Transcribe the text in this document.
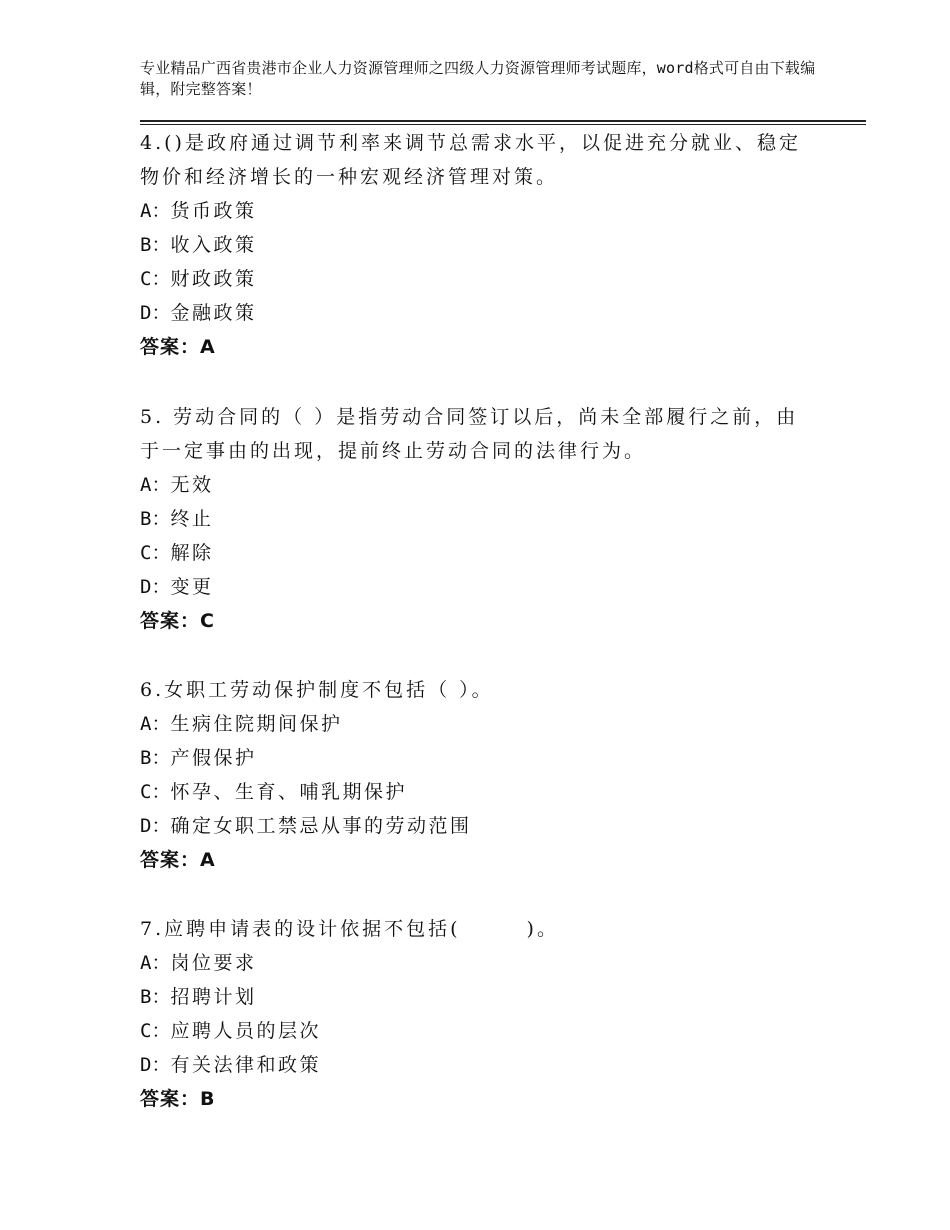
专业精品广西省贵港市企业人力资源管理师之四级人力资源管理师考试题库，word格式可自由下载编辑，附完整答案！

4.()是政府通过调节利率来调节总需求水平，以促进充分就业、稳定物价和经济增长的一种宏观经济管理对策。

A：货币政策

B：收入政策

C：财政政策

D：金融政策

答案：A

5. 劳动合同的（ ）是指劳动合同签订以后，尚未全部履行之前，由于一定事由的出现，提前终止劳动合同的法律行为。

A：无效

B：终止

C：解除

D：变更

答案：C

6.女职工劳动保护制度不包括（ ）。

A：生病住院期间保护

B：产假保护

C：怀孕、生育、哺乳期保护

D：确定女职工禁忌从事的劳动范围

答案：A

7.应聘申请表的设计依据不包括(　　　)。

A：岗位要求

B：招聘计划

C：应聘人员的层次

D：有关法律和政策

答案：B
